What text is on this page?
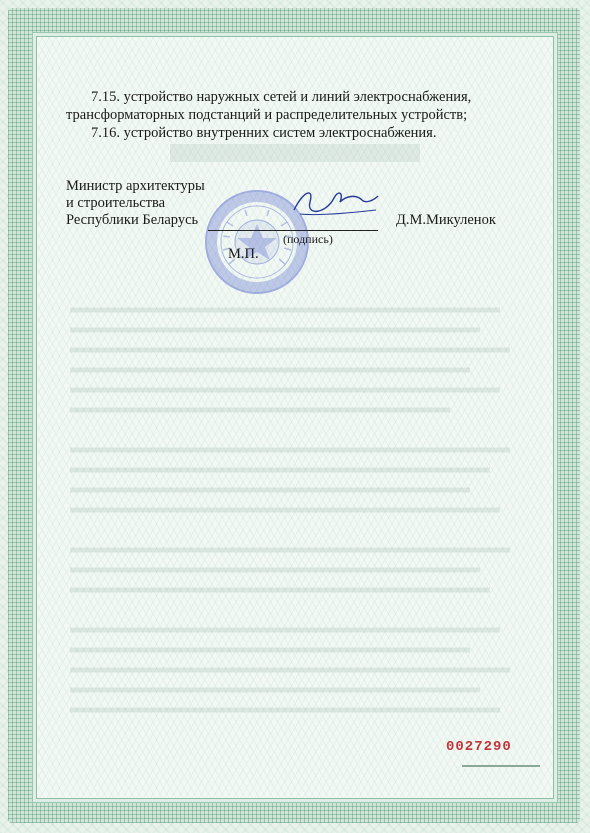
7.15. устройство наружных сетей и линий электроснабжения, трансформаторных подстанций и распределительных устройств;

7.16. устройство внутренних систем электроснабжения.

Министр архитектуры
и строительства
Республики Беларусь
(подпись)
Д.М.Микуленок
М.П.
0027290
